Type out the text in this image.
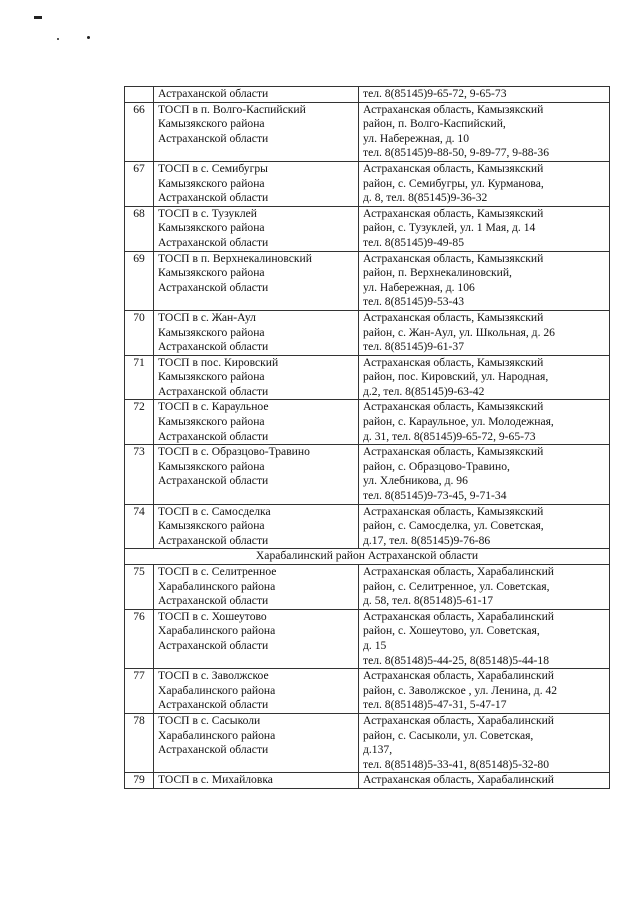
	Астраханской области	тел. 8(85145)9-65-72, 9-65-73

66	ТОСП в п. Волго-Каспийский
Камызякского района
Астраханской области	Астраханская область, Камызякский
район, п. Волго-Каспийский,
ул. Набережная, д. 10
тел. 8(85145)9-88-50, 9-89-77, 9-88-36

67	ТОСП в с. Семибугры
Камызякского района
Астраханской области	Астраханская область, Камызякский
район, с. Семибугры, ул. Курманова,
д. 8, тел. 8(85145)9-36-32

68	ТОСП в с. Тузуклей
Камызякского района
Астраханской области	Астраханская область, Камызякский
район, с. Тузуклей, ул. 1 Мая, д. 14
тел. 8(85145)9-49-85

69	ТОСП в п. Верхнекалиновский
Камызякского района
Астраханской области	Астраханская область, Камызякский
район, п. Верхнекалиновский,
ул. Набережная, д. 106
тел. 8(85145)9-53-43

70	ТОСП в с. Жан-Аул
Камызякского района
Астраханской области	Астраханская область, Камызякский
район, с. Жан-Аул, ул. Школьная, д. 26
тел. 8(85145)9-61-37

71	ТОСП в пос. Кировский
Камызякского района
Астраханской области	Астраханская область, Камызякский
район, пос. Кировский, ул. Народная,
д.2, тел. 8(85145)9-63-42

72	ТОСП в с. Караульное
Камызякского района
Астраханской области	Астраханская область, Камызякский
район, с. Караульное, ул. Молодежная,
д. 31, тел. 8(85145)9-65-72, 9-65-73

73	ТОСП в с. Образцово-Травино
Камызякского района
Астраханской области	Астраханская область, Камызякский
район, с. Образцово-Травино,
ул. Хлебникова, д. 96
тел. 8(85145)9-73-45, 9-71-34

74	ТОСП в с. Самосделка
Камызякского района
Астраханской области	Астраханская область, Камызякский
район, с. Самосделка, ул. Советская,
д.17, тел. 8(85145)9-76-86

Харабалинский район Астраханской области		
75	ТОСП в с. Селитренное
Харабалинского района
Астраханской области	Астраханская область, Харабалинский
район, с. Селитренное, ул. Советская,
д. 58, тел. 8(85148)5-61-17

76	ТОСП в с. Хошеутово
Харабалинского района
Астраханской области	Астраханская область, Харабалинский
район, с. Хошеутово, ул. Советская,
д. 15
тел. 8(85148)5-44-25, 8(85148)5-44-18

77	ТОСП в с. Заволжское
Харабалинского района
Астраханской области	Астраханская область, Харабалинский
район, с. Заволжское , ул. Ленина, д. 42
тел. 8(85148)5-47-31, 5-47-17

78	ТОСП в с. Сасыколи
Харабалинского района
Астраханской области	Астраханская область, Харабалинский
район, с. Сасыколи, ул. Советская,
д.137,
тел. 8(85148)5-33-41, 8(85148)5-32-80

79	ТОСП в с. Михайловка	Астраханская область, Харабалинский
